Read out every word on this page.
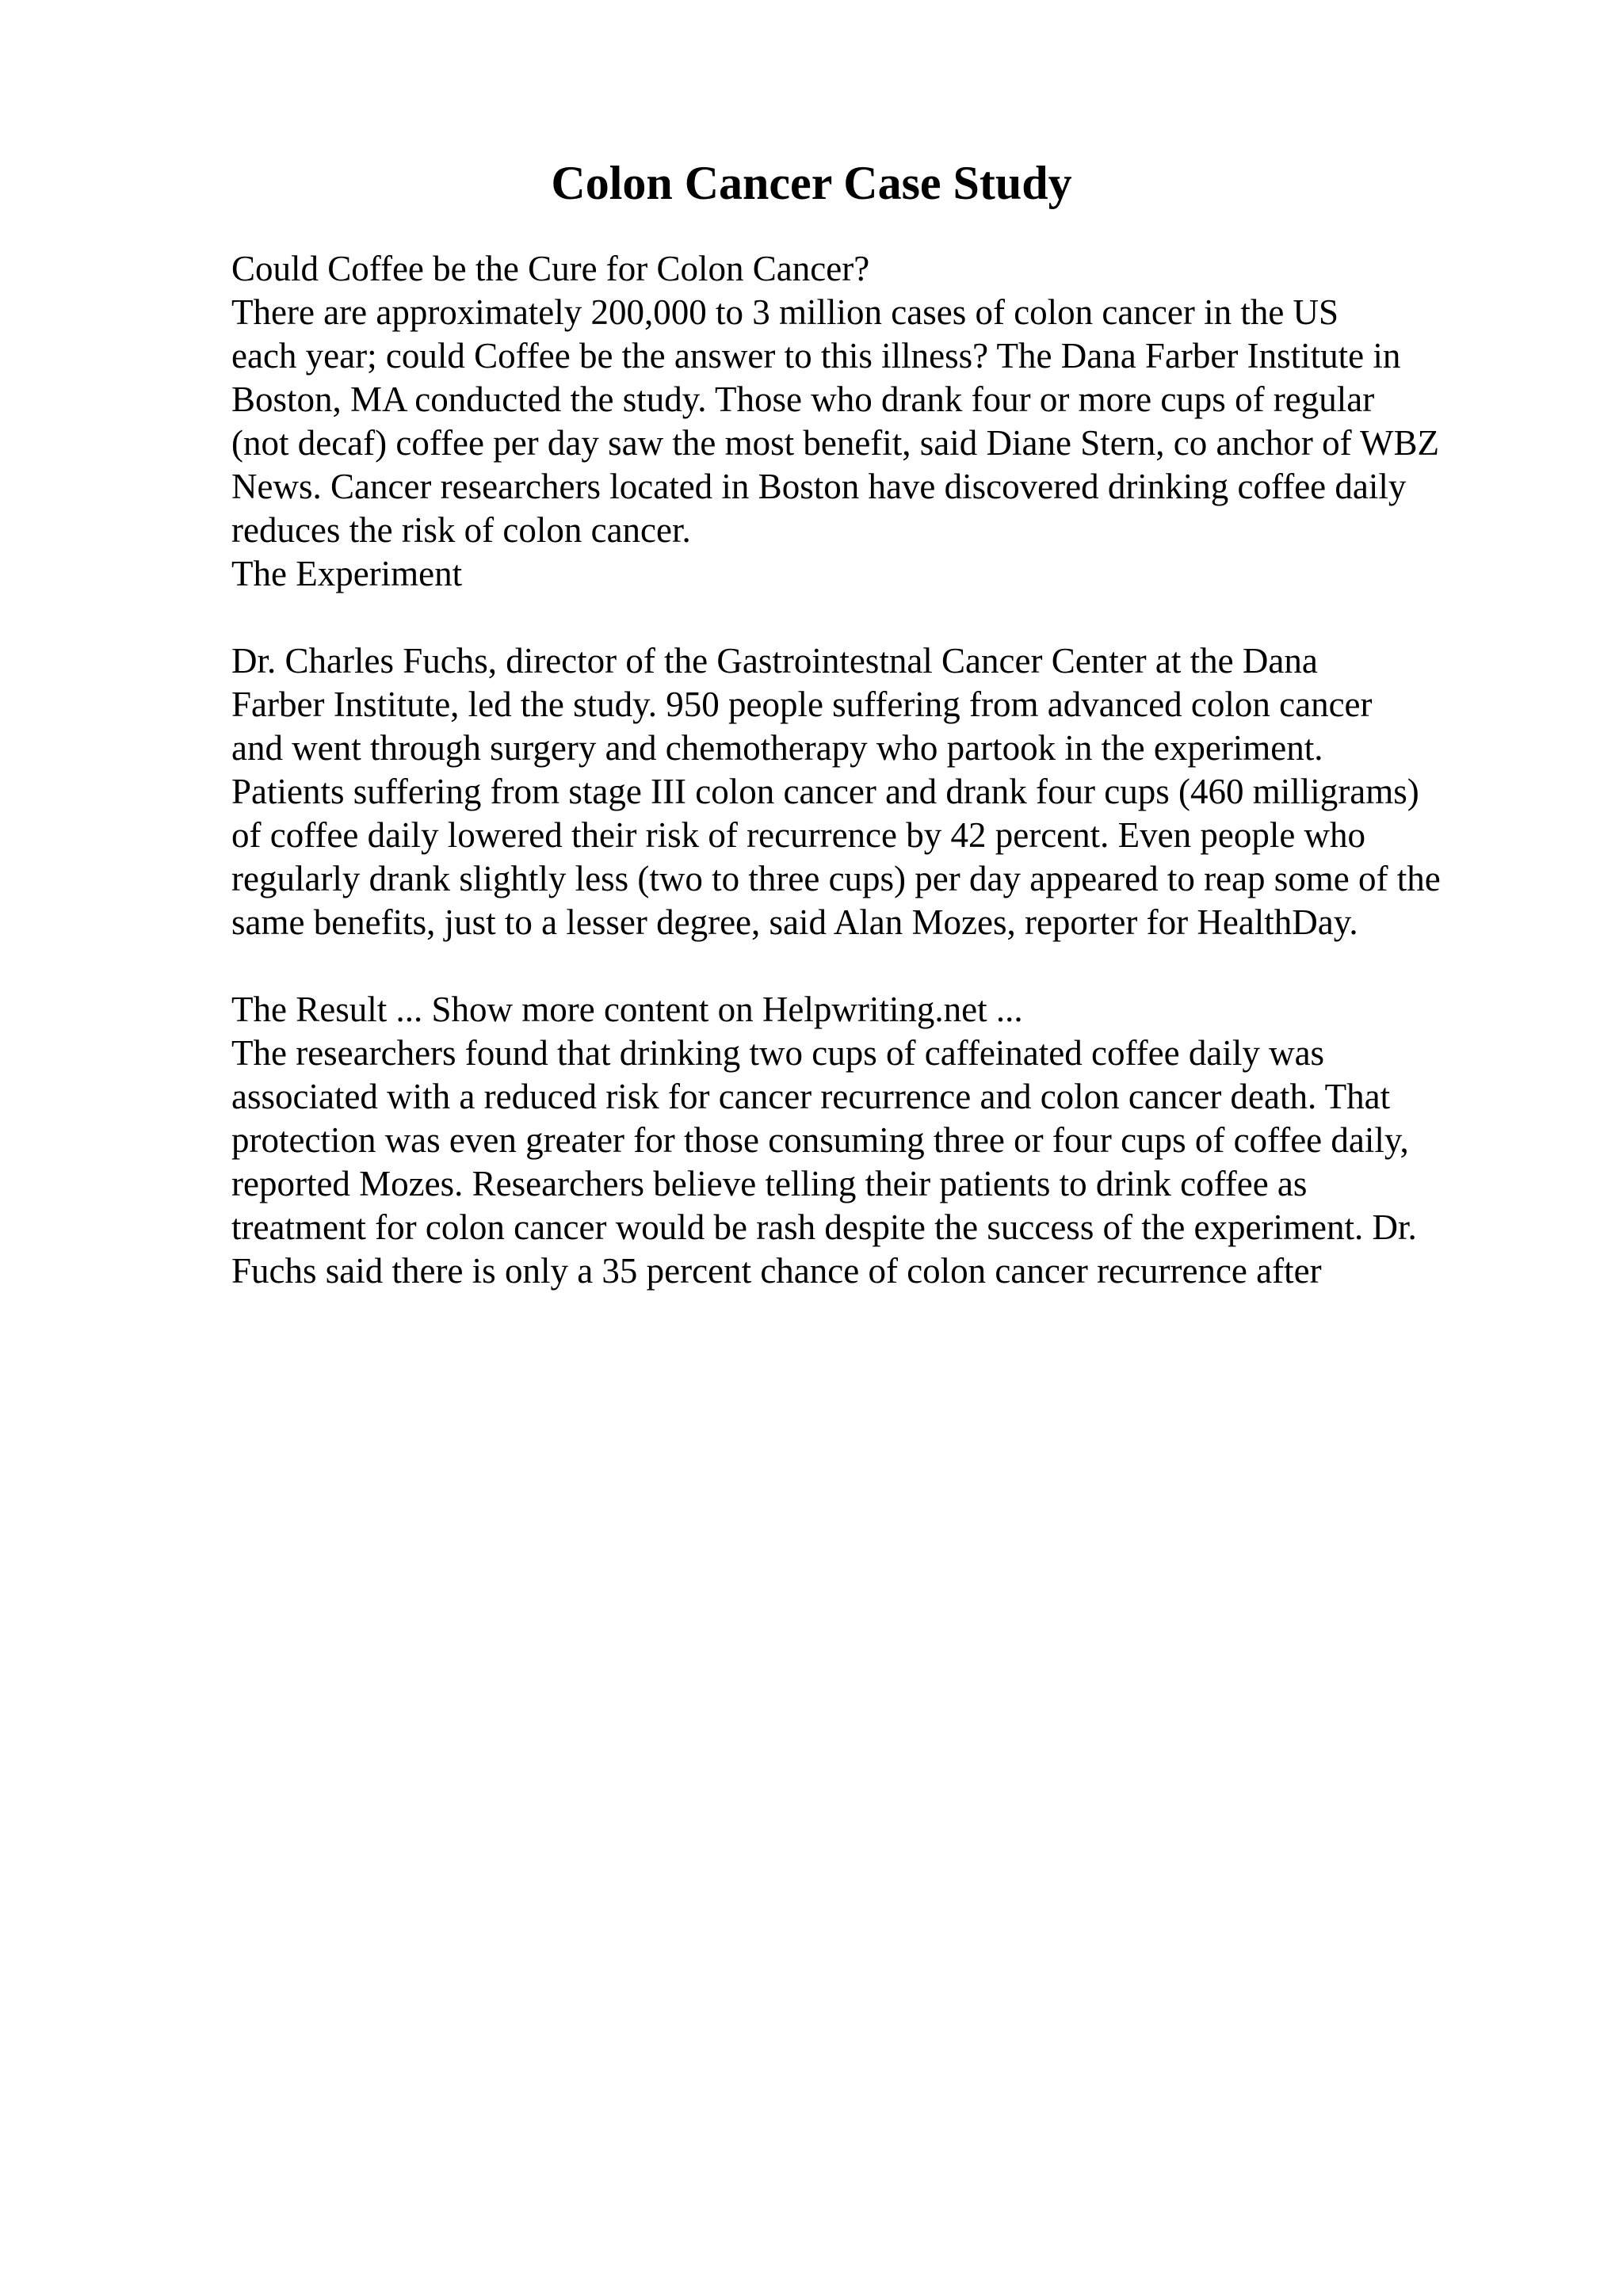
Colon Cancer Case Study
Could Coffee be the Cure for Colon Cancer?
There are approximately 200,000 to 3 million cases of colon cancer in the US
each year; could Coffee be the answer to this illness? The Dana Farber Institute in
Boston, MA conducted the study. Those who drank four or more cups of regular
(not decaf) coffee per day saw the most benefit, said Diane Stern, co anchor of WBZ
News. Cancer researchers located in Boston have discovered drinking coffee daily
reduces the risk of colon cancer.
The Experiment
Dr. Charles Fuchs, director of the Gastrointestnal Cancer Center at the Dana
Farber Institute, led the study. 950 people suffering from advanced colon cancer
and went through surgery and chemotherapy who partook in the experiment.
Patients suffering from stage III colon cancer and drank four cups (460 milligrams)
of coffee daily lowered their risk of recurrence by 42 percent. Even people who
regularly drank slightly less (two to three cups) per day appeared to reap some of the
same benefits, just to a lesser degree, said Alan Mozes, reporter for HealthDay.
The Result ... Show more content on Helpwriting.net ...
The researchers found that drinking two cups of caffeinated coffee daily was
associated with a reduced risk for cancer recurrence and colon cancer death. That
protection was even greater for those consuming three or four cups of coffee daily,
reported Mozes. Researchers believe telling their patients to drink coffee as
treatment for colon cancer would be rash despite the success of the experiment. Dr.
Fuchs said there is only a 35 percent chance of colon cancer recurrence after
